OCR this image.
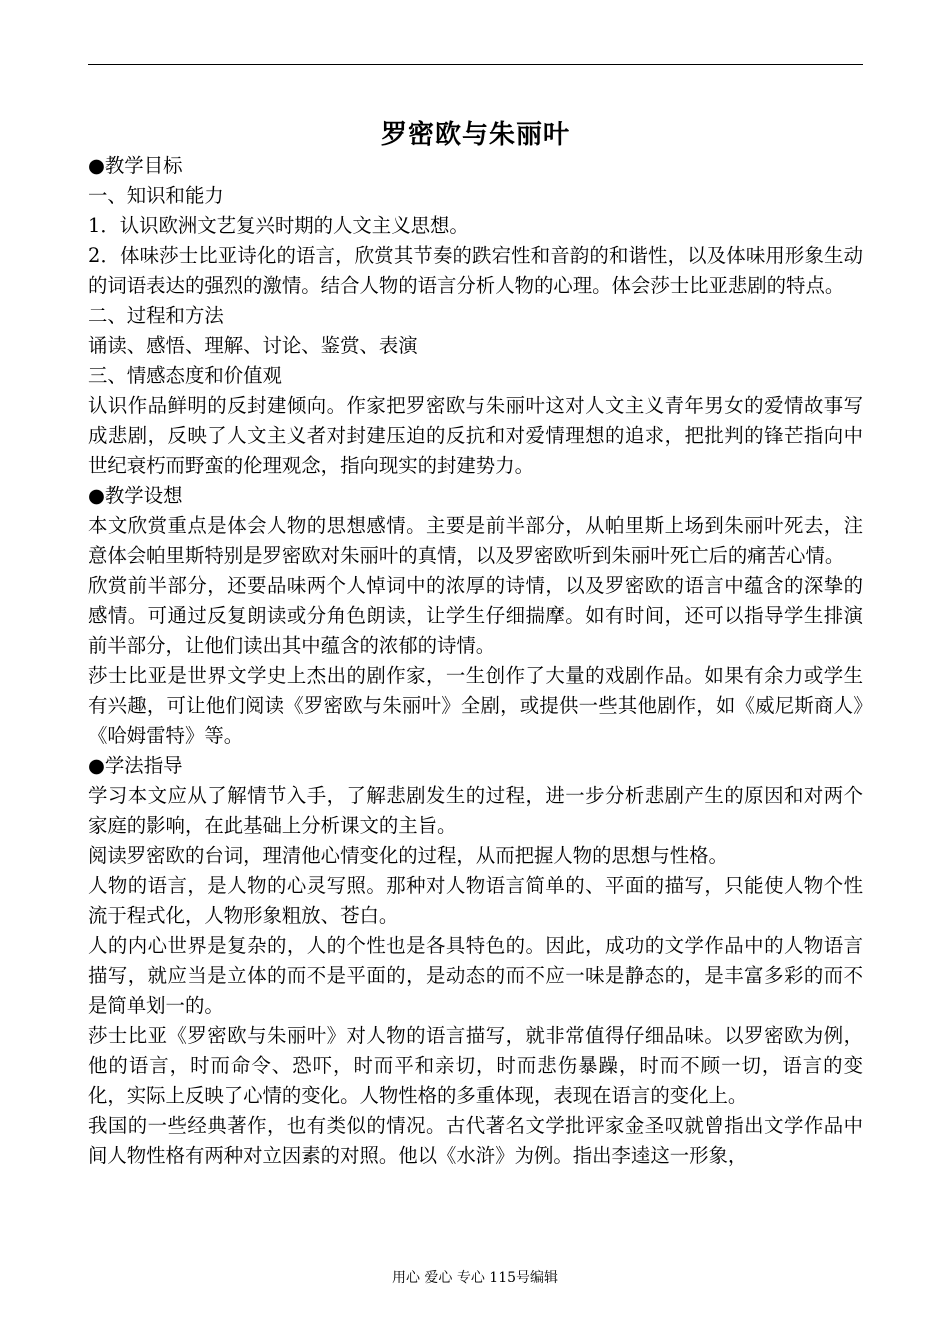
罗密欧与朱丽叶

●教学目标

一、知识和能力

1．认识欧洲文艺复兴时期的人文主义思想。

2．体味莎士比亚诗化的语言，欣赏其节奏的跌宕性和音韵的和谐性，以及体味用形象生动的词语表达的强烈的激情。结合人物的语言分析人物的心理。体会莎士比亚悲剧的特点。

二、过程和方法

诵读、感悟、理解、讨论、鉴赏、表演

三、情感态度和价值观

认识作品鲜明的反封建倾向。作家把罗密欧与朱丽叶这对人文主义青年男女的爱情故事写成悲剧，反映了人文主义者对封建压迫的反抗和对爱情理想的追求，把批判的锋芒指向中世纪衰朽而野蛮的伦理观念，指向现实的封建势力。

●教学设想

本文欣赏重点是体会人物的思想感情。主要是前半部分，从帕里斯上场到朱丽叶死去，注意体会帕里斯特别是罗密欧对朱丽叶的真情，以及罗密欧听到朱丽叶死亡后的痛苦心情。

欣赏前半部分，还要品味两个人悼词中的浓厚的诗情，以及罗密欧的语言中蕴含的深挚的感情。可通过反复朗读或分角色朗读，让学生仔细揣摩。如有时间，还可以指导学生排演前半部分，让他们读出其中蕴含的浓郁的诗情。

莎士比亚是世界文学史上杰出的剧作家，一生创作了大量的戏剧作品。如果有余力或学生有兴趣，可让他们阅读《罗密欧与朱丽叶》全剧，或提供一些其他剧作，如《威尼斯商人》《哈姆雷特》等。

●学法指导

学习本文应从了解情节入手，了解悲剧发生的过程，进一步分析悲剧产生的原因和对两个家庭的影响，在此基础上分析课文的主旨。

阅读罗密欧的台词，理清他心情变化的过程，从而把握人物的思想与性格。

人物的语言，是人物的心灵写照。那种对人物语言简单的、平面的描写，只能使人物个性流于程式化，人物形象粗放、苍白。

人的内心世界是复杂的，人的个性也是各具特色的。因此，成功的文学作品中的人物语言描写，就应当是立体的而不是平面的，是动态的而不应一味是静态的，是丰富多彩的而不是简单划一的。

莎士比亚《罗密欧与朱丽叶》对人物的语言描写，就非常值得仔细品味。以罗密欧为例，他的语言，时而命令、恐吓，时而平和亲切，时而悲伤暴躁，时而不顾一切，语言的变化，实际上反映了心情的变化。人物性格的多重体现，表现在语言的变化上。

我国的一些经典著作，也有类似的情况。古代著名文学批评家金圣叹就曾指出文学作品中间人物性格有两种对立因素的对照。他以《水浒》为例。指出李逵这一形象，

用心 爱心 专心 115号编辑
